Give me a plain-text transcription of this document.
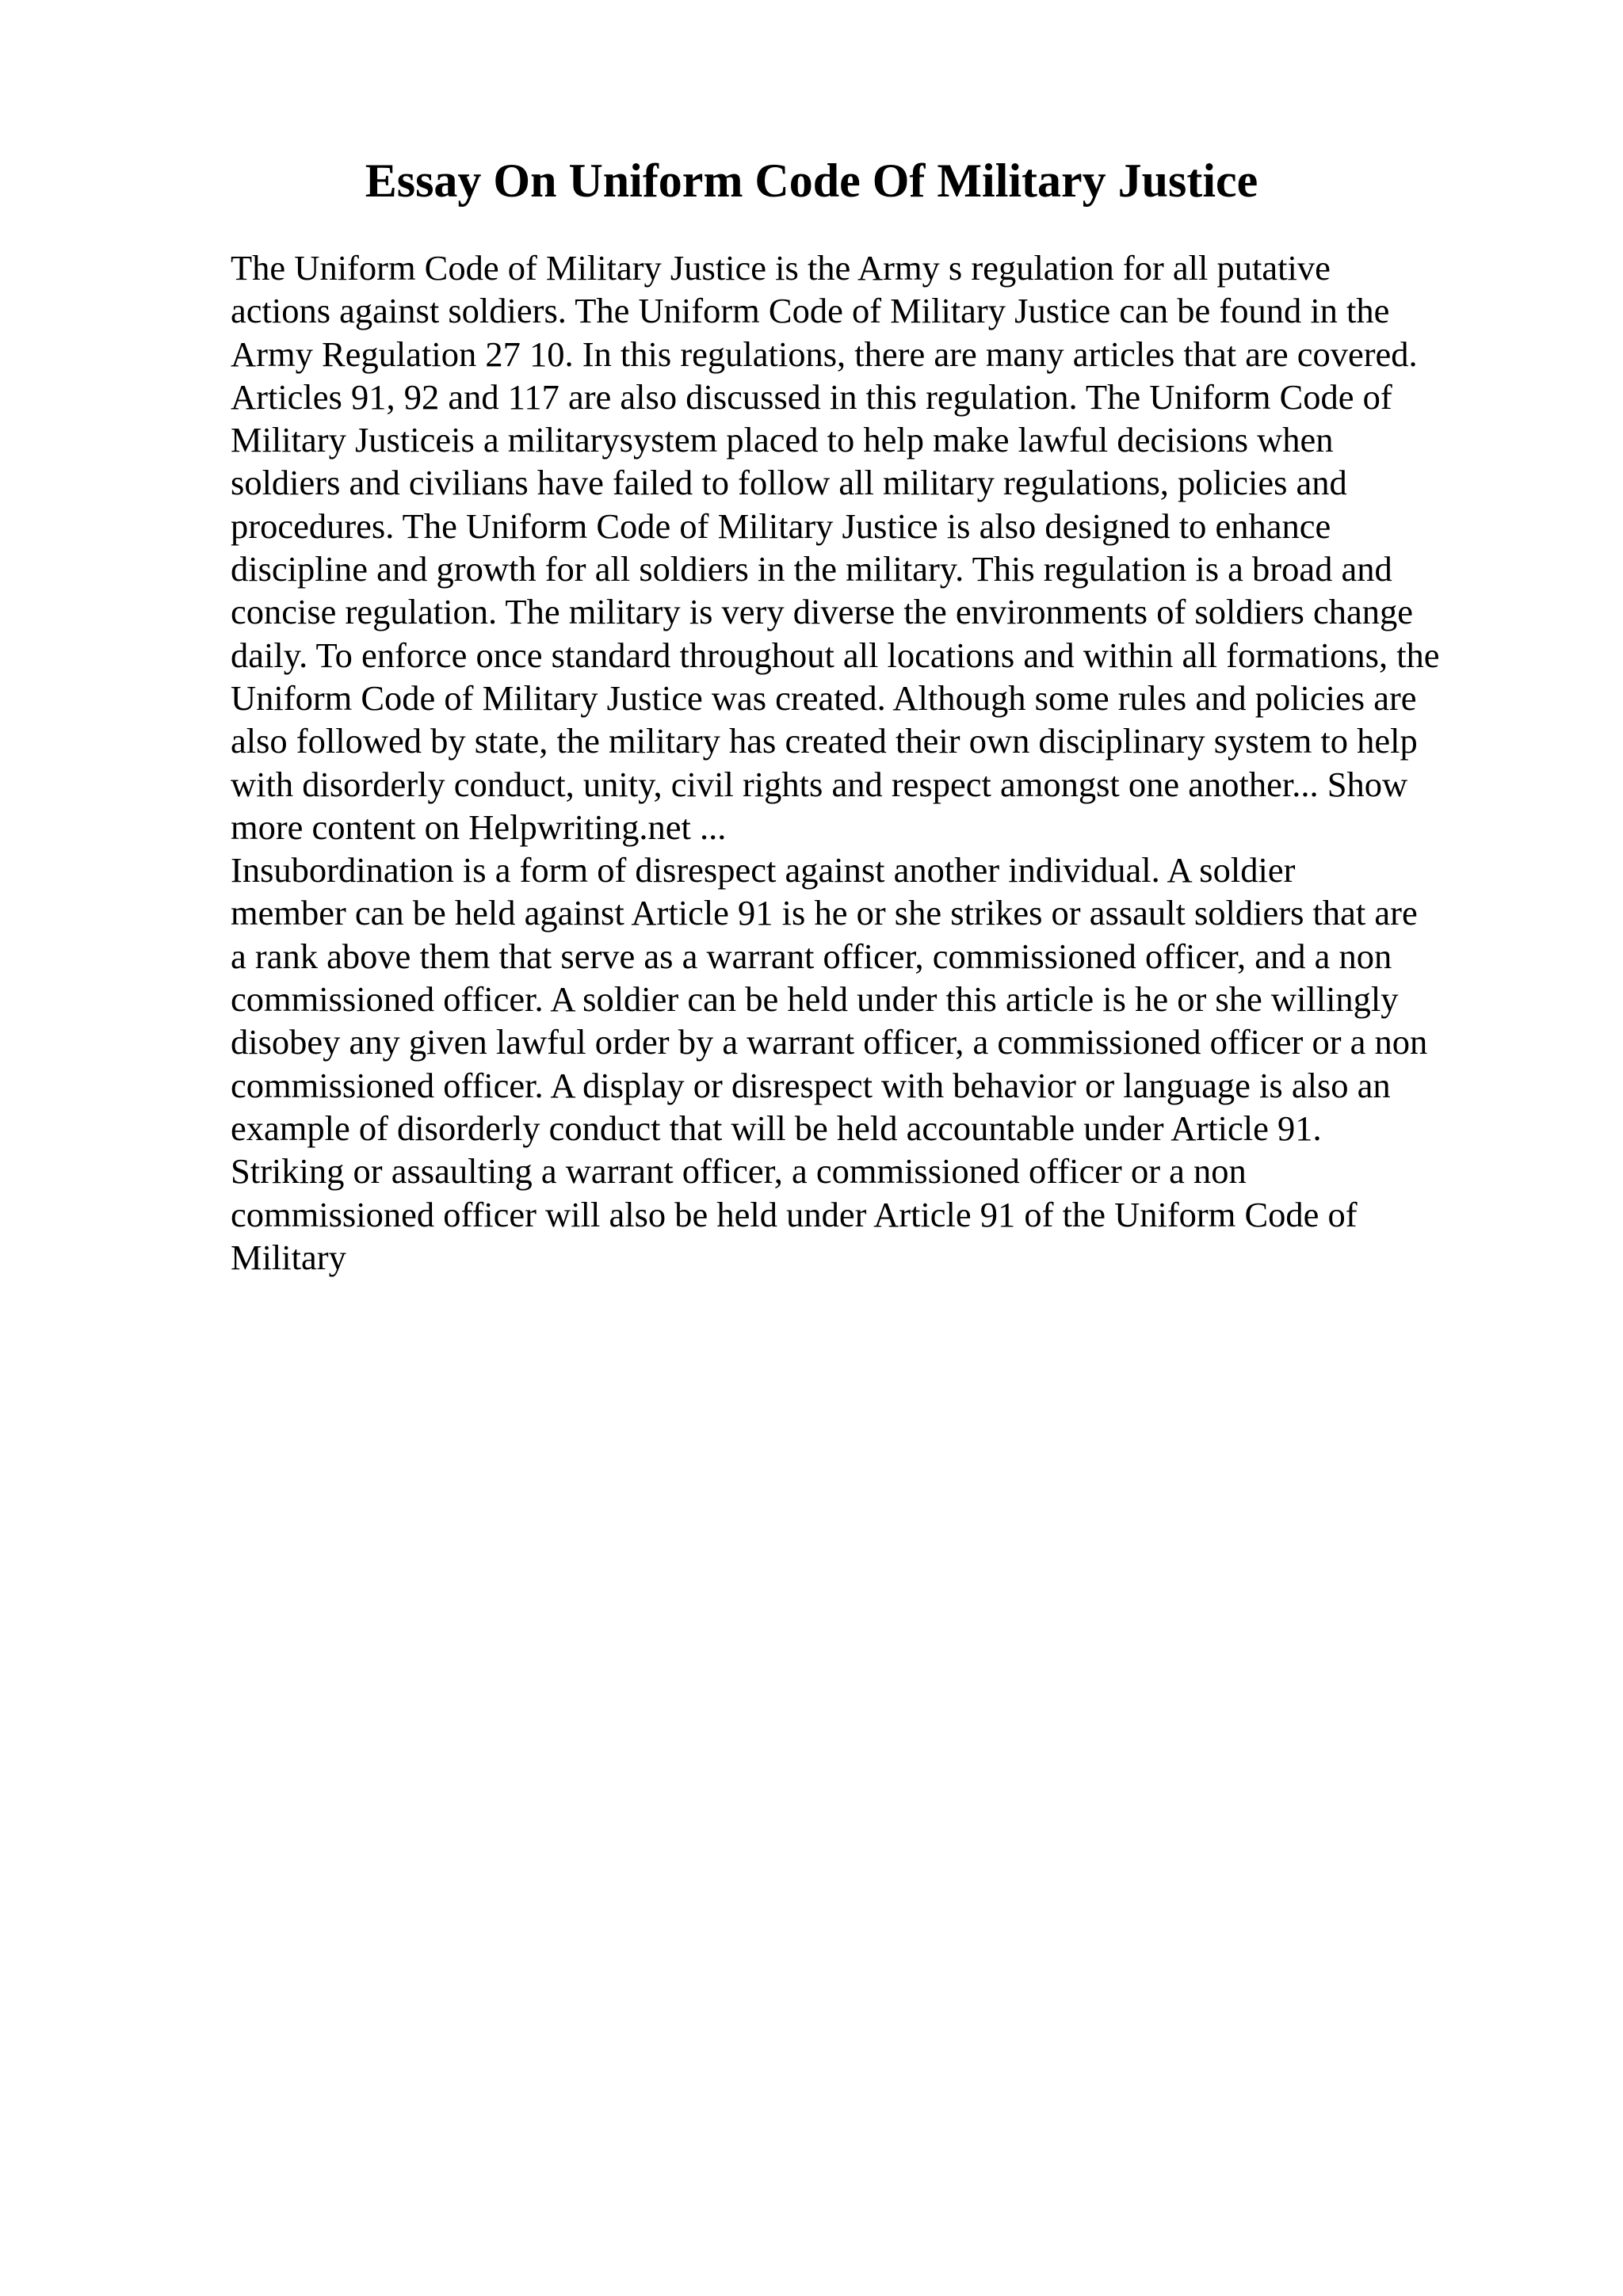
Essay On Uniform Code Of Military Justice
The Uniform Code of Military Justice is the Army s regulation for all putative
actions against soldiers. The Uniform Code of Military Justice can be found in the
Army Regulation 27 10. In this regulations, there are many articles that are covered.
Articles 91, 92 and 117 are also discussed in this regulation. The Uniform Code of
Military Justiceis a militarysystem placed to help make lawful decisions when
soldiers and civilians have failed to follow all military regulations, policies and
procedures. The Uniform Code of Military Justice is also designed to enhance
discipline and growth for all soldiers in the military. This regulation is a broad and
concise regulation. The military is very diverse the environments of soldiers change
daily. To enforce once standard throughout all locations and within all formations, the
Uniform Code of Military Justice was created. Although some rules and policies are
also followed by state, the military has created their own disciplinary system to help
with disorderly conduct, unity, civil rights and respect amongst one another... Show
more content on Helpwriting.net ...
Insubordination is a form of disrespect against another individual. A soldier
member can be held against Article 91 is he or she strikes or assault soldiers that are
a rank above them that serve as a warrant officer, commissioned officer, and a non
commissioned officer. A soldier can be held under this article is he or she willingly
disobey any given lawful order by a warrant officer, a commissioned officer or a non
commissioned officer. A display or disrespect with behavior or language is also an
example of disorderly conduct that will be held accountable under Article 91.
Striking or assaulting a warrant officer, a commissioned officer or a non
commissioned officer will also be held under Article 91 of the Uniform Code of
Military
